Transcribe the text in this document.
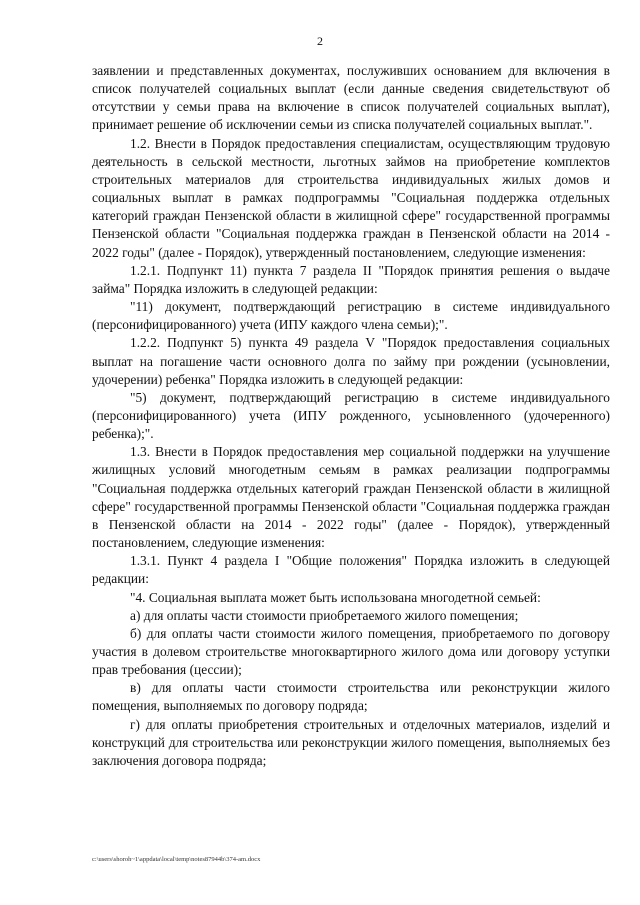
2

заявлении и представленных документах, послуживших основанием для включения в список получателей социальных выплат (если данные сведения свидетельствуют об отсутствии у семьи права на включение в список получателей социальных выплат), принимает решение об исключении семьи из списка получателей социальных выплат.".

1.2. Внести в Порядок предоставления специалистам, осуществляющим трудовую деятельность в сельской местности, льготных займов на приобретение комплектов строительных материалов для строительства индивидуальных жилых домов и социальных выплат в рамках подпрограммы "Социальная поддержка отдельных категорий граждан Пензенской области в жилищной сфере" государственной программы Пензенской области "Социальная поддержка граждан в Пензенской области на 2014 - 2022 годы" (далее - Порядок), утвержденный постановлением, следующие изменения:

1.2.1. Подпункт 11) пункта 7 раздела II "Порядок принятия решения о выдаче займа" Порядка изложить в следующей редакции:

"11) документ, подтверждающий регистрацию в системе индивидуального (персонифицированного) учета (ИПУ каждого члена семьи);".

1.2.2. Подпункт 5) пункта 49 раздела V "Порядок предоставления социальных выплат на погашение части основного долга по займу при рождении (усыновлении, удочерении) ребенка" Порядка изложить в следующей редакции:

"5) документ, подтверждающий регистрацию в системе индивидуального (персонифицированного) учета (ИПУ рожденного, усыновленного (удочеренного) ребенка);".

1.3. Внести в Порядок предоставления мер социальной поддержки на улучшение жилищных условий многодетным семьям в рамках реализации подпрограммы "Социальная поддержка отдельных категорий граждан Пензенской области в жилищной сфере" государственной программы Пензенской области "Социальная поддержка граждан в Пензенской области на 2014 - 2022 годы" (далее - Порядок), утвержденный постановлением, следующие изменения:

1.3.1. Пункт 4 раздела I "Общие положения" Порядка изложить в следующей редакции:

"4. Социальная выплата может быть использована многодетной семьей:

а) для оплаты части стоимости приобретаемого жилого помещения;

б) для оплаты части стоимости жилого помещения, приобретаемого по договору участия в долевом строительстве многоквартирного жилого дома или договору уступки прав требования (цессии);

в) для оплаты части стоимости строительства или реконструкции жилого помещения, выполняемых по договору подряда;

г) для оплаты приобретения строительных и отделочных материалов, изделий и конструкций для строительства или реконструкции жилого помещения, выполняемых без заключения договора подряда;

c:\users\shoroh~1\appdata\local\temp\notes87944b\374-am.docx
